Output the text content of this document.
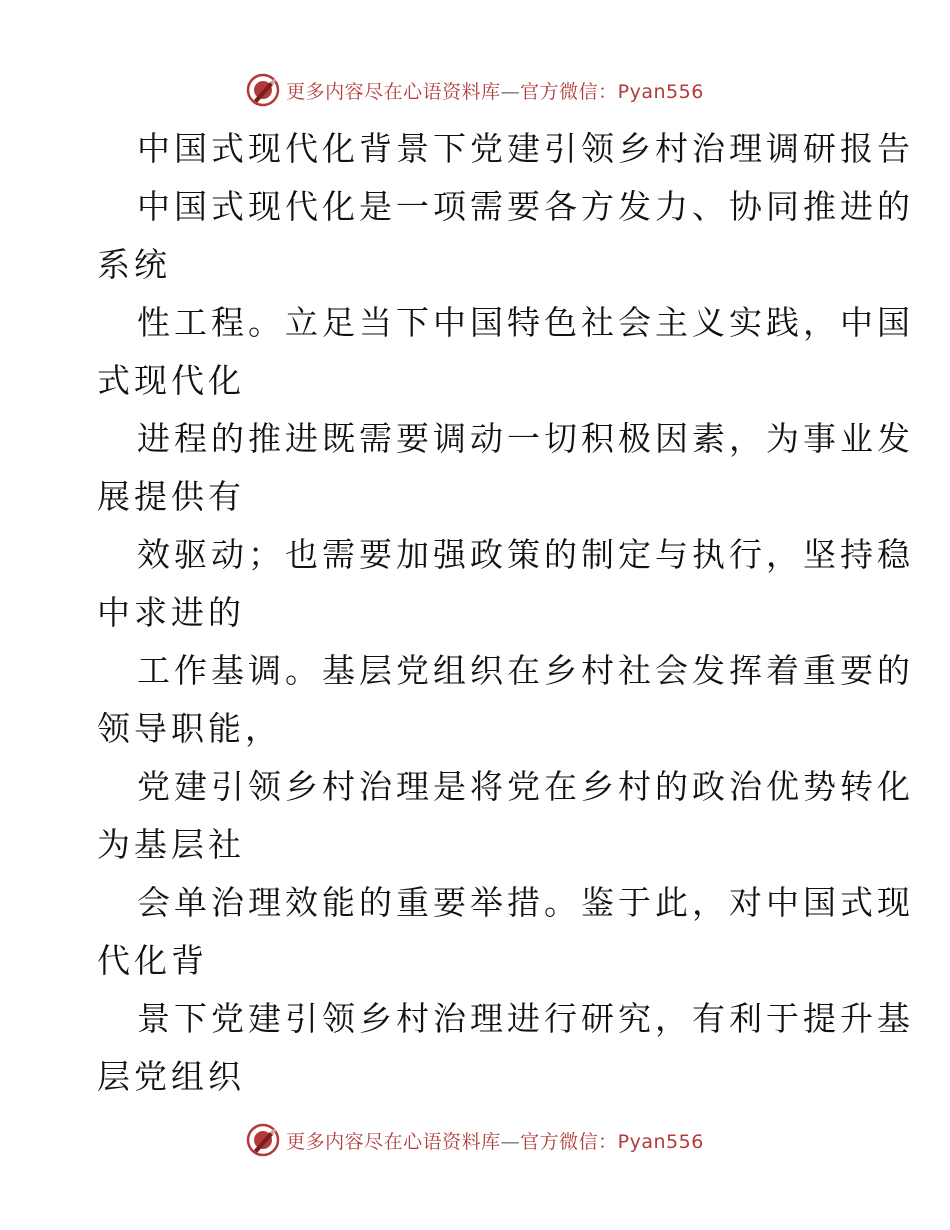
更多内容尽在心语资料库—官方微信：Pyan556
中国式现代化背景下党建引领乡村治理调研报告
中国式现代化是一项需要各方发力、协同推进的
系统
性工程。立足当下中国特色社会主义实践，中国
式现代化
进程的推进既需要调动一切积极因素，为事业发
展提供有
效驱动；也需要加强政策的制定与执行，坚持稳
中求进的
工作基调。基层党组织在乡村社会发挥着重要的
领导职能，
党建引领乡村治理是将党在乡村的政治优势转化
为基层社
会单治理效能的重要举措。鉴于此，对中国式现
代化背
景下党建引领乡村治理进行研究，有利于提升基
层党组织
更多内容尽在心语资料库—官方微信：Pyan556
